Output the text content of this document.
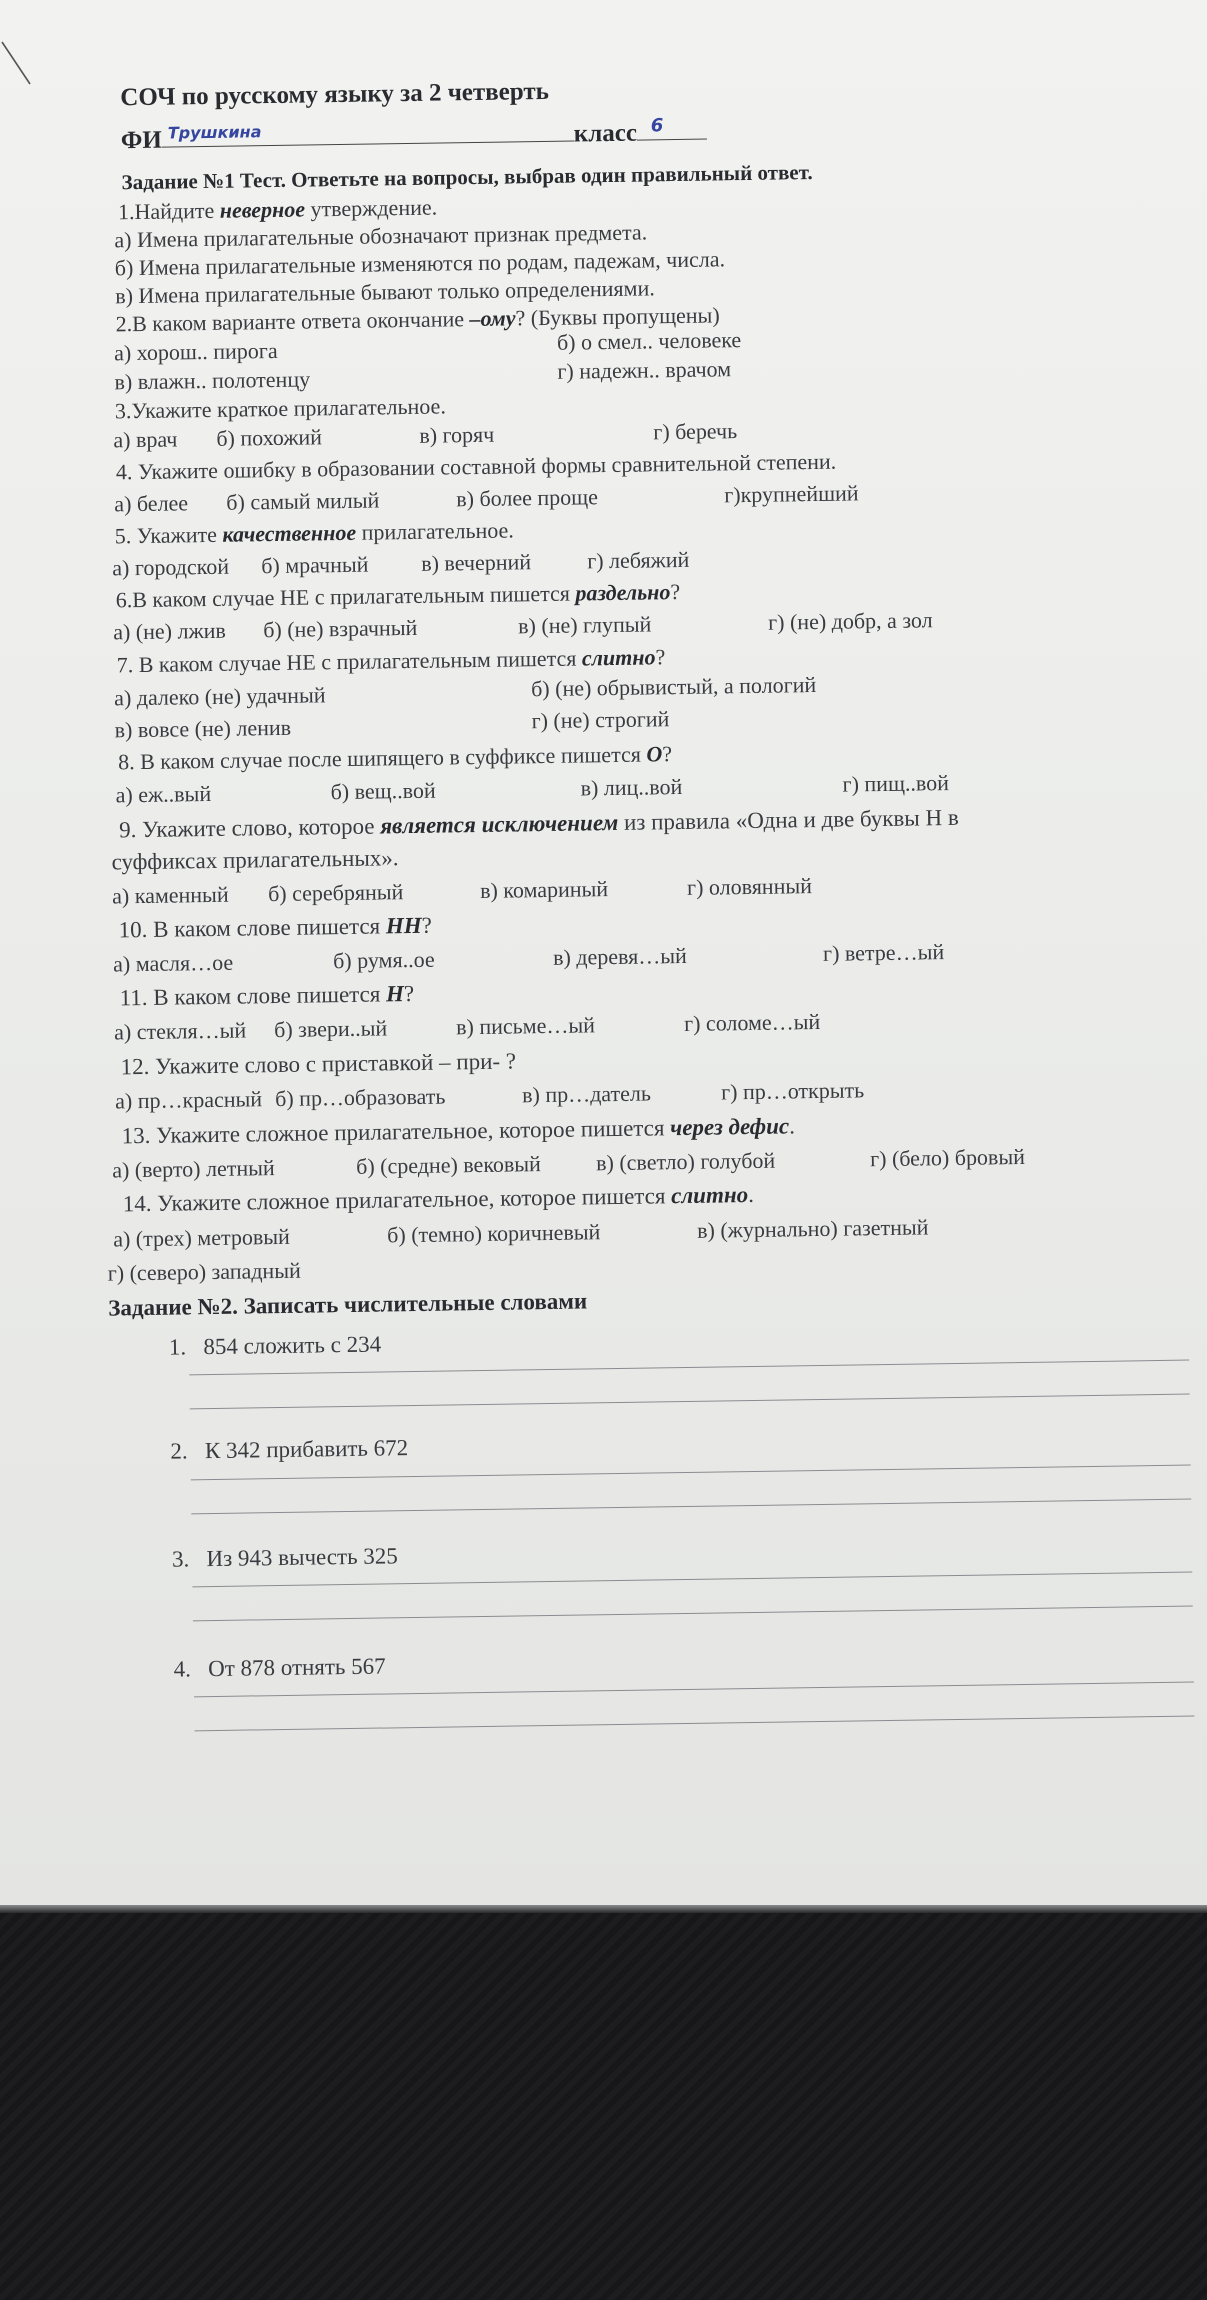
СОЧ по русскому языку за 2 четверть
ФИ Трушкина	класс 6
Задание №1 Тест. Ответьте на вопросы, выбрав один правильный ответ.
1.Найдите неверное утверждение.
а) Имена прилагательные обозначают признак предмета.
б) Имена прилагательные изменяются по родам, падежам, числа.
в) Имена прилагательные бывают только определениями.
2.В каком варианте ответа окончание –ому? (Буквы пропущены)
а) хорош.. пирога	б) о смел.. человеке
в) влажн.. полотенцу	г) надежн.. врачом
3.Укажите краткое прилагательное.
а) врач б) похожий	в) горяч	г) беречь
4. Укажите ошибку в образовании составной формы сравнительной степени.
а) белее б) самый милый	в) более проще	г)крупнейший
5. Укажите качественное прилагательное.
а) городской б) мрачный в) вечерний	г) лебяжий
6.В каком случае НЕ с прилагательным пишется раздельно?
а) (не) лжив б) (не) взрачный	в) (не) глупый	г) (не) добр, а зол
7. В каком случае НЕ с прилагательным пишется слитно?
а) далеко (не) удачный	б) (не) обрывистый, а пологий
в) вовсе (не) ленив	г) (не) строгий
8. В каком случае после шипящего в суффиксе пишется О?
а) еж..вый	б) вещ..вой	в) лиц..вой	г) пищ..вой
9. Укажите слово, которое является исключением из правила «Одна и две буквы Н в
суффиксах прилагательных».
а) каменный б) серебряный	в) комариный	г) оловянный
10. В каком слове пишется НН?
а) масля…ое	б) румя..ое	в) деревя…ый	г) ветре…ый
11. В каком слове пишется Н?
а) стекля…ый б) звери..ый	в) письме…ый	г) соломе…ый
12. Укажите слово с приставкой – при- ?
а) пр…красный б) пр…образовать	в) пр…датель	г) пр…открыть
13. Укажите сложное прилагательное, которое пишется через дефис.
а) (верто) летный	б) (средне) вековый в) (светло) голубой	г) (бело) бровый
14. Укажите сложное прилагательное, которое пишется слитно.
а) (трех) метровый	б) (темно) коричневый	в) (журнально) газетный
г) (северо) западный
Задание №2. Записать числительные словами
1. 854 сложить с 234
2. К 342 прибавить 672
3. Из 943 вычесть 325
4. От 878 отнять 567
